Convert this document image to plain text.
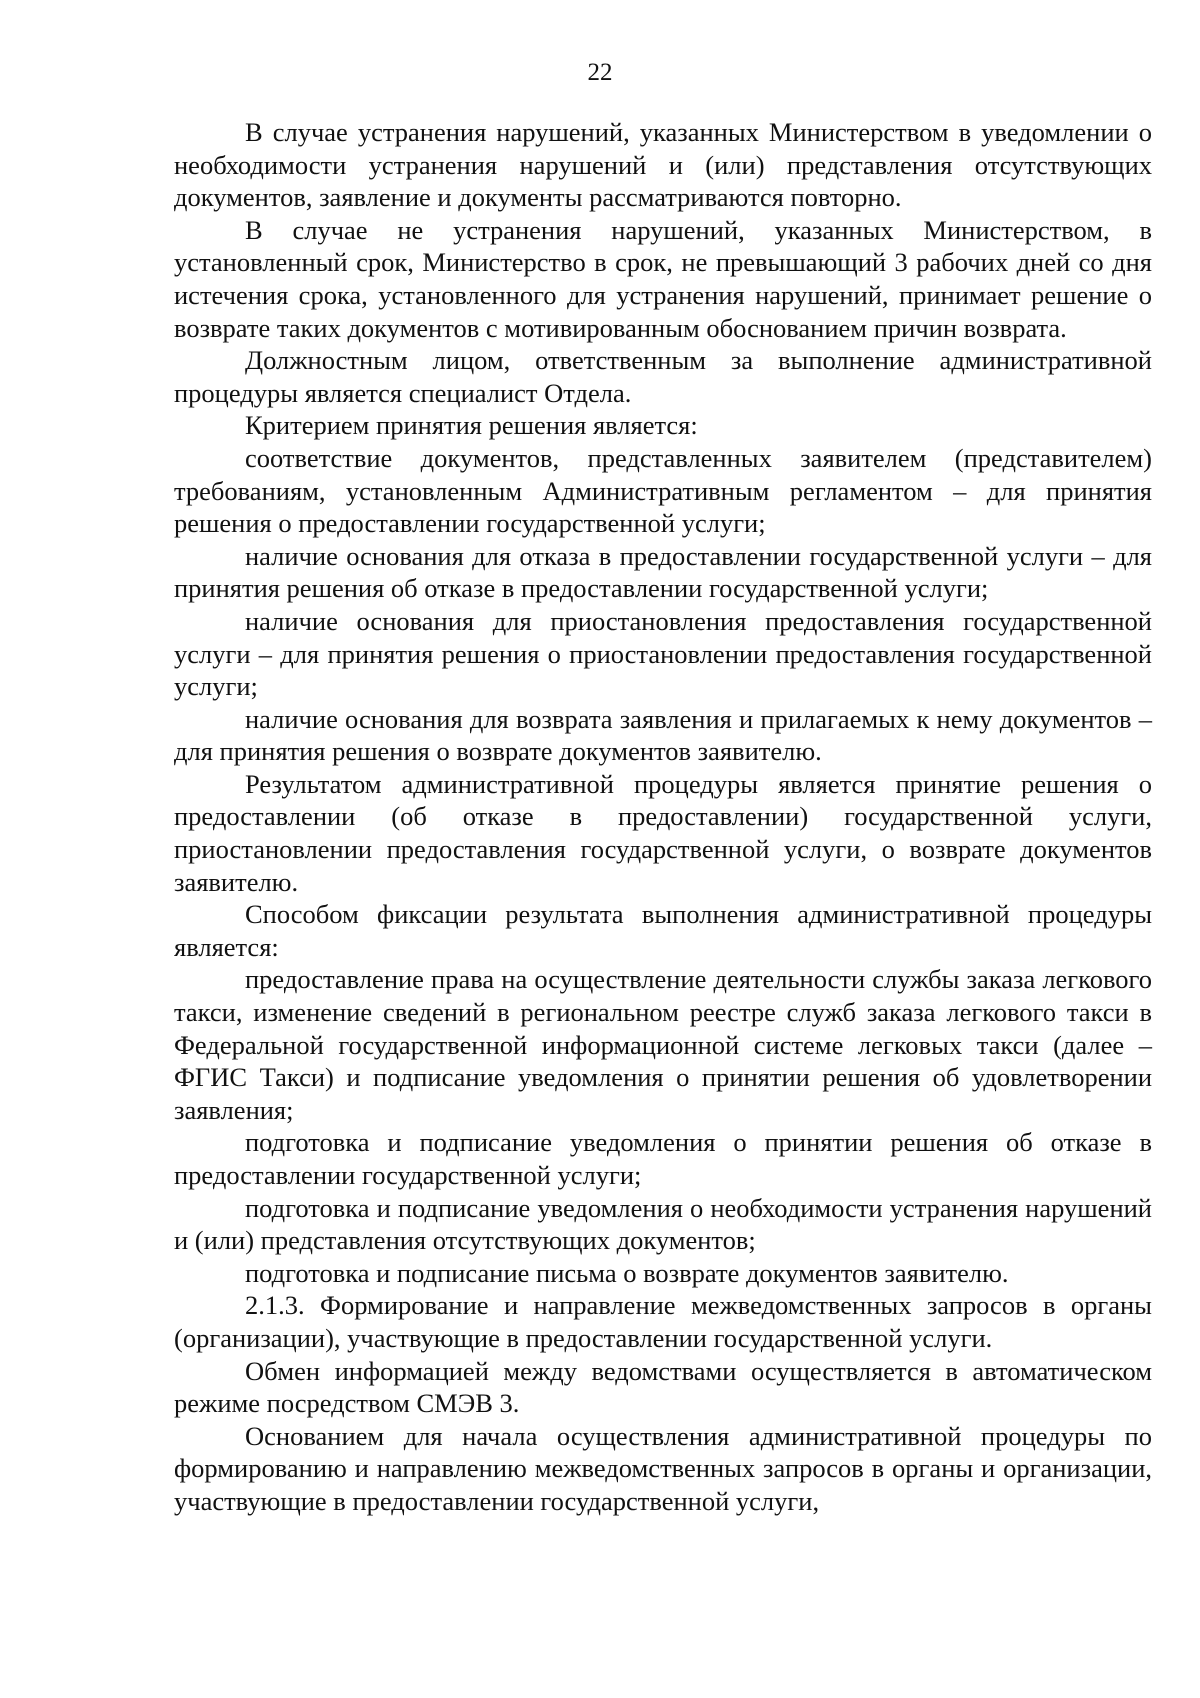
22

В случае устранения нарушений, указанных Министерством в уведомлении о необходимости устранения нарушений и (или) представления отсутствующих документов, заявление и документы рассматриваются повторно.

В случае не устранения нарушений, указанных Министерством, в установленный срок, Министерство в срок, не превышающий 3 рабочих дней со дня истечения срока, установленного для устранения нарушений, принимает решение о возврате таких документов с мотивированным обоснованием причин возврата.

Должностным лицом, ответственным за выполнение административной процедуры является специалист Отдела.

Критерием принятия решения является:

соответствие документов, представленных заявителем (представителем) требованиям, установленным Административным регламентом – для принятия решения о предоставлении государственной услуги;

наличие основания для отказа в предоставлении государственной услуги – для принятия решения об отказе в предоставлении государственной услуги;

наличие основания для приостановления предоставления государственной услуги – для принятия решения о приостановлении предоставления государственной услуги;

наличие основания для возврата заявления и прилагаемых к нему документов – для принятия решения о возврате документов заявителю.

Результатом административной процедуры является принятие решения о предоставлении (об отказе в предоставлении) государственной услуги, приостановлении предоставления государственной услуги, о возврате документов заявителю.

Способом фиксации результата выполнения административной процедуры является:

предоставление права на осуществление деятельности службы заказа легкового такси, изменение сведений в региональном реестре служб заказа легкового такси в Федеральной государственной информационной системе легковых такси (далее – ФГИС Такси) и подписание уведомления о принятии решения об удовлетворении заявления;

подготовка и подписание уведомления о принятии решения об отказе в предоставлении государственной услуги;

подготовка и подписание уведомления о необходимости устранения нарушений и (или) представления отсутствующих документов;

подготовка и подписание письма о возврате документов заявителю.

2.1.3. Формирование и направление межведомственных запросов в органы (организации), участвующие в предоставлении государственной услуги.

Обмен информацией между ведомствами осуществляется в автоматическом режиме посредством СМЭВ 3.

Основанием для начала осуществления административной процедуры по формированию и направлению межведомственных запросов в органы и организации, участвующие в предоставлении государственной услуги,
